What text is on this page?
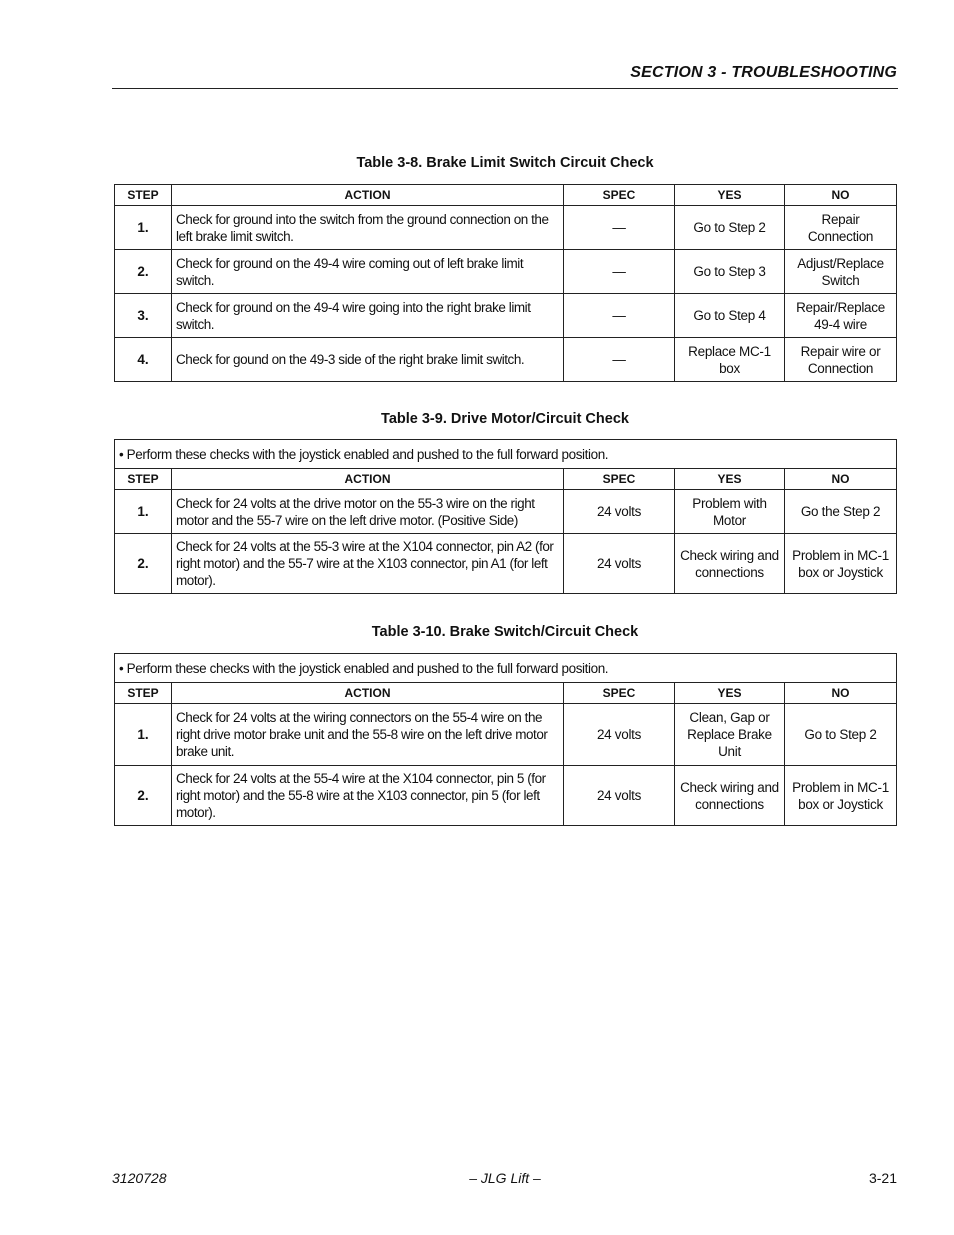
SECTION 3 - TROUBLESHOOTING
Table 3-8. Brake Limit Switch Circuit Check
STEP	ACTION	SPEC	YES	NO
1.	Check for ground into the switch from the ground connection on the left brake limit switch.	—	Go to Step 2	Repair Connection
2.	Check for ground on the 49-4 wire coming out of left brake limit switch.	—	Go to Step 3	Adjust/Replace Switch
3.	Check for ground on the 49-4 wire going into the right brake limit switch.	—	Go to Step 4	Repair/Replace 49-4 wire
4.	Check for gound on the 49-3 side of the right brake limit switch.	—	Replace MC-1 box	Repair wire or Connection
Table 3-9. Drive Motor/Circuit Check
• Perform these checks with the joystick enabled and pushed to the full forward position.				
STEP	ACTION	SPEC	YES	NO
1.	Check for 24 volts at the drive motor on the 55-3 wire on the right motor and the 55-7 wire on the left drive motor. (Positive Side)	24 volts	Problem with Motor	Go the Step 2
2.	Check for 24 volts at the 55-3 wire at the X104 connector, pin A2 (for right motor) and the 55-7 wire at the X103 connector, pin A1 (for left motor).	24 volts	Check wiring and connections	Problem in MC-1 box or Joystick
Table 3-10. Brake Switch/Circuit Check
• Perform these checks with the joystick enabled and pushed to the full forward position.				
STEP	ACTION	SPEC	YES	NO
1.	Check for 24 volts at the wiring connectors on the 55-4 wire on the right drive motor brake unit and the 55-8 wire on the left drive motor brake unit.	24 volts	Clean, Gap or Replace Brake Unit	Go to Step 2
2.	Check for 24 volts at the 55-4 wire at the X104 connector, pin 5 (for right motor) and the 55-8 wire at the X103 connector, pin 5 (for left motor).	24 volts	Check wiring and connections	Problem in MC-1 box or Joystick
3120728	– JLG Lift –	3-21
